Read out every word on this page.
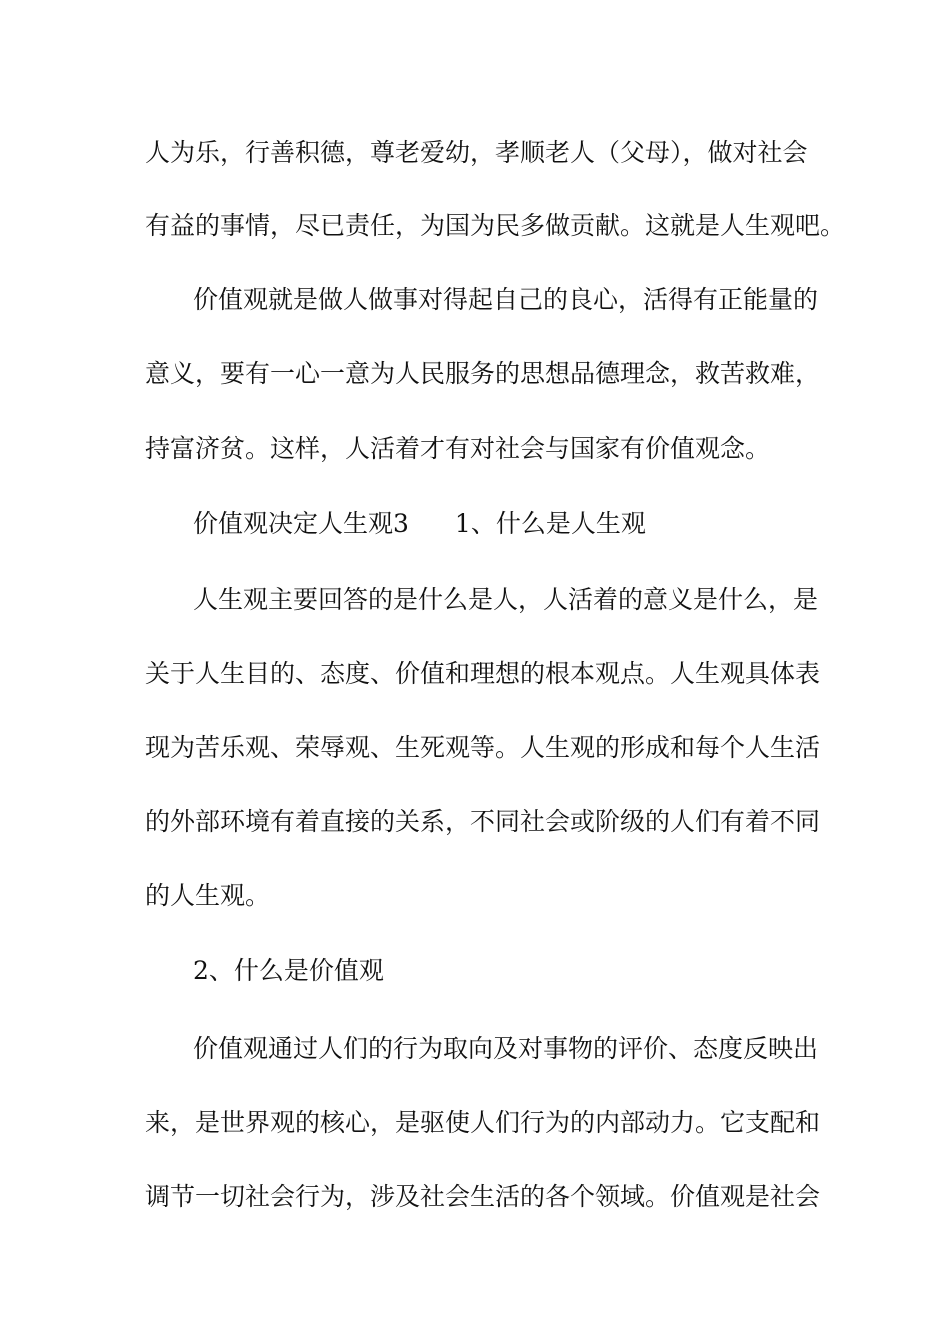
人为乐，行善积德，尊老爱幼，孝顺老人（父母），做对社会
有益的事情，尽已责任，为国为民多做贡献。这就是人生观吧。
价值观就是做人做事对得起自己的良心，活得有正能量的
意义，要有一心一意为人民服务的思想品德理念，救苦救难，
持富济贫。这样，人活着才有对社会与国家有价值观念。
价值观决定人生观3 1、什么是人生观
人生观主要回答的是什么是人，人活着的意义是什么，是
关于人生目的、态度、价值和理想的根本观点。人生观具体表
现为苦乐观、荣辱观、生死观等。人生观的形成和每个人生活
的外部环境有着直接的关系，不同社会或阶级的人们有着不同
的人生观。
2、什么是价值观
价值观通过人们的行为取向及对事物的评价、态度反映出
来，是世界观的核心，是驱使人们行为的内部动力。它支配和
调节一切社会行为，涉及社会生活的各个领域。价值观是社会
